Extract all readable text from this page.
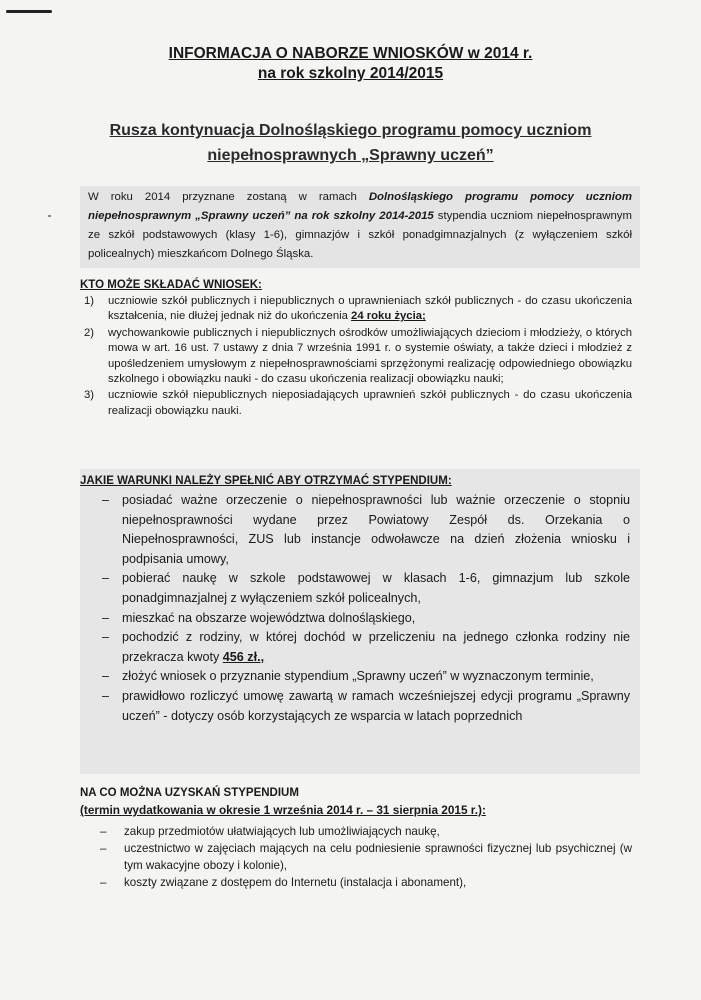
INFORMACJA O NABORZE WNIOSKÓW w 2014 r.
na rok szkolny 2014/2015
Rusza kontynuacja Dolnośląskiego programu pomocy uczniom
niepełnosprawnych „Sprawny uczeń”
W roku 2014 przyznane zostaną w ramach Dolnośląskiego programu pomocy uczniom niepełnosprawnym „Sprawny uczeń” na rok szkolny 2014-2015 stypendia uczniom niepełnosprawnym ze szkół podstawowych (klasy 1-6), gimnazjów i szkół ponadgimnazjalnych (z wyłączeniem szkół policealnych) mieszkańcom Dolnego Śląska.
KTO MOŻE SKŁADAĆ WNIOSEK:
1) uczniowie szkół publicznych i niepublicznych o uprawnieniach szkół publicznych - do czasu ukończenia kształcenia, nie dłużej jednak niż do ukończenia 24 roku życia;
2) wychowankowie publicznych i niepublicznych ośrodków umożliwiających dzieciom i młodzieży, o których mowa w art. 16 ust. 7 ustawy z dnia 7 września 1991 r. o systemie oświaty, a także dzieci i młodzież z upośledzeniem umysłowym z niepełnosprawnościami sprzężonymi realizację odpowiedniego obowiązku szkolnego i obowiązku nauki - do czasu ukończenia realizacji obowiązku nauki;
3) uczniowie szkół niepublicznych nieposiadających uprawnień szkół publicznych - do czasu ukończenia realizacji obowiązku nauki.
JAKIE WARUNKI NALEŻY SPEŁNIĆ ABY OTRZYMAĆ STYPENDIUM:
– posiadać ważne orzeczenie o niepełnosprawności lub ważnie orzeczenie o stopniu niepełnosprawności wydane przez Powiatowy Zespół ds. Orzekania o Niepełnosprawności, ZUS lub instancje odwoławcze na dzień złożenia wniosku i podpisania umowy,
– pobierać naukę w szkole podstawowej w klasach 1-6, gimnazjum lub szkole ponadgimnazjalnej z wyłączeniem szkół policealnych,
– mieszkać na obszarze województwa dolnośląskiego,
– pochodzić z rodziny, w której dochód w przeliczeniu na jednego członka rodziny nie przekracza kwoty 456 zł.,
– złożyć wniosek o przyznanie stypendium „Sprawny uczeń” w wyznaczonym terminie,
– prawidłowo rozliczyć umowę zawartą w ramach wcześniejszej edycji programu „Sprawny uczeń” - dotyczy osób korzystających ze wsparcia w latach poprzednich
NA CO MOŻNA UZYSKAŃ STYPENDIUM
(termin wydatkowania w okresie 1 września 2014 r. – 31 sierpnia 2015 r.):
– zakup przedmiotów ułatwiających lub umożliwiających naukę,
– uczestnictwo w zajęciach mających na celu podniesienie sprawności fizycznej lub psychicznej (w tym wakacyjne obozy i kolonie),
– koszty związane z dostępem do Internetu (instalacja i abonament),
